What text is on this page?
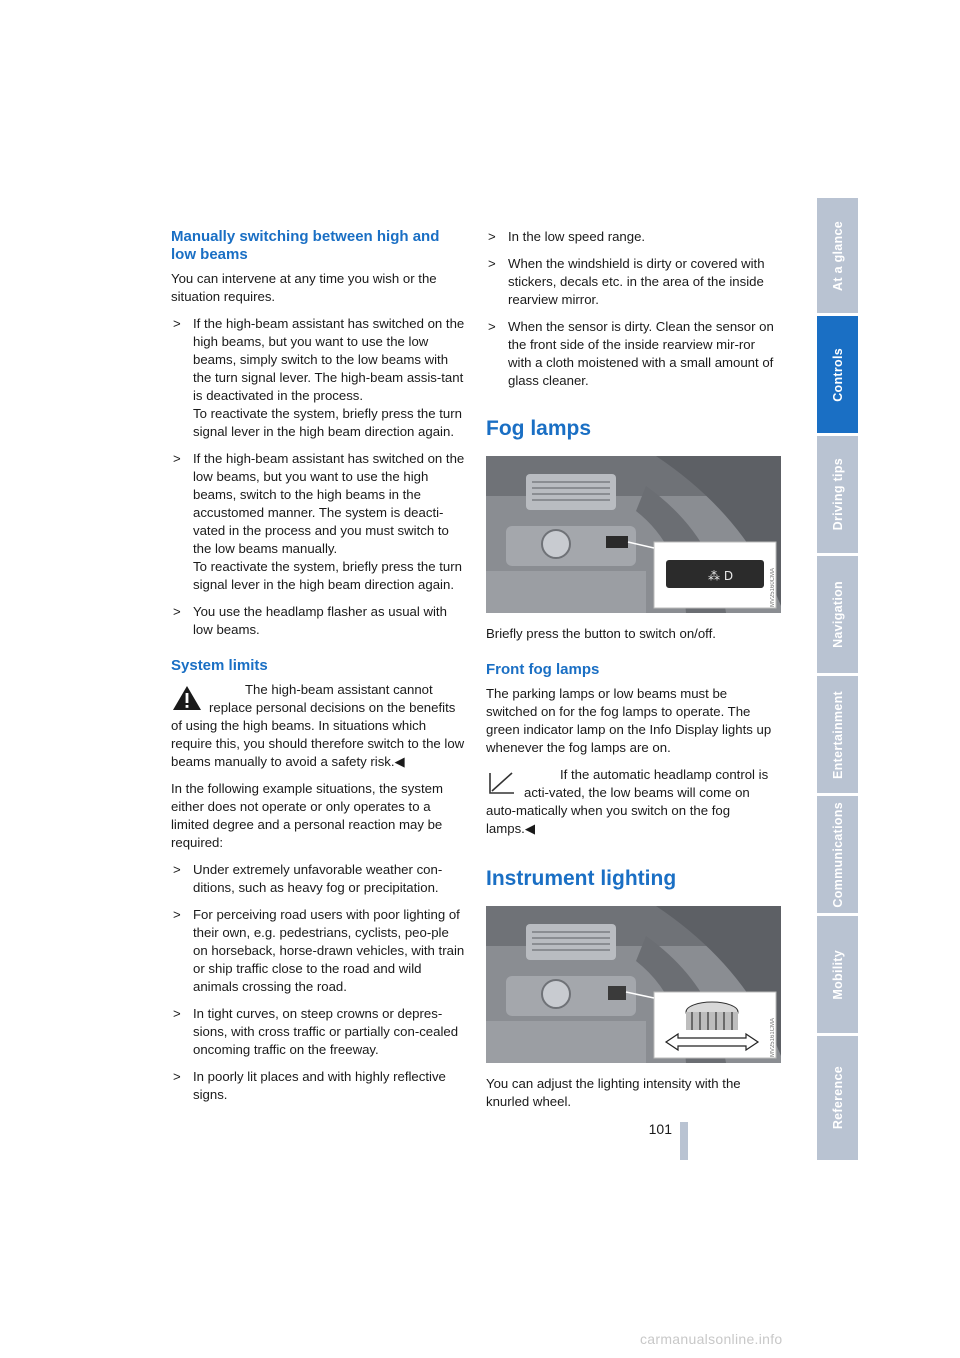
Manually switching between high and low beams

You can intervene at any time you wish or the situation requires.

> If the high-beam assistant has switched on the high beams, but you want to use the low beams, simply switch to the low beams with the turn signal lever. The high-beam assis-tant is deactivated in the process.
To reactivate the system, briefly press the turn signal lever in the high beam direction again.
> If the high-beam assistant has switched on the low beams, but you want to use the high beams, switch to the high beams in the accustomed manner. The system is deacti-vated in the process and you must switch to the low beams manually.
To reactivate the system, briefly press the turn signal lever in the high beam direction again.
> You use the headlamp flasher as usual with low beams.
System limits

The high-beam assistant cannot replace personal decisions on the benefits of using the high beams. In situations which require this, you should therefore switch to the low beams manually to avoid a safety risk.◀

In the following example situations, the system either does not operate or only operates to a limited degree and a personal reaction may be required:

> Under extremely unfavorable weather con-ditions, such as heavy fog or precipitation.
> For perceiving road users with poor lighting of their own, e.g. pedestrians, cyclists, peo-ple on horseback, horse-drawn vehicles, with train or ship traffic close to the road and wild animals crossing the road.
> In tight curves, on steep crowns or depres-sions, with cross traffic or partially con-cealed oncoming traffic on the freeway.
> In poorly lit places and with highly reflective signs.
> In the low speed range.
> When the windshield is dirty or covered with stickers, decals etc. in the area of the inside rearview mirror.
> When the sensor is dirty. Clean the sensor on the front side of the inside rearview mir-ror with a cloth moistened with a small amount of glass cleaner.
Fog lamps
⁂ D	MV25160CMA

Briefly press the button to switch on/off.

Front fog lamps

The parking lamps or low beams must be switched on for the fog lamps to operate. The green indicator lamp on the Info Display lights up whenever the fog lamps are on.

If the automatic headlamp control is acti-vated, the low beams will come on auto-matically when you switch on the fog lamps.◀

Instrument lighting
MV25161CMA

You can adjust the lighting intensity with the knurled wheel.

At a glance
Controls
Driving tips
Navigation
Entertainment
Communications
Mobility
Reference
101
carmanualsonline.info
